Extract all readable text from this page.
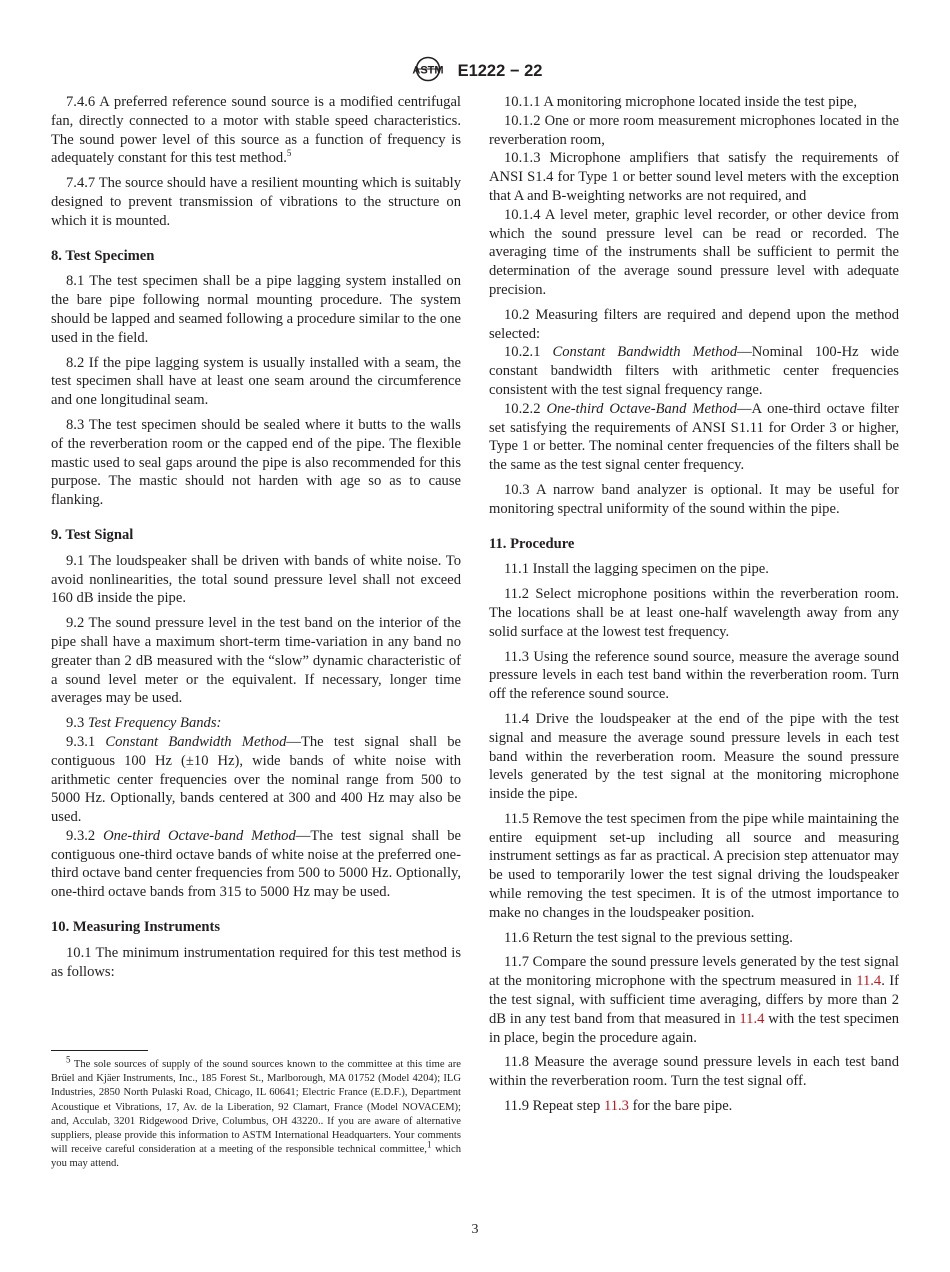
ASTM E1222 − 22

7.4.6 A preferred reference sound source is a modified centrifugal fan, directly connected to a motor with stable speed characteristics. The sound power level of this source as a function of frequency is adequately constant for this test method.$^5$

7.4.7 The source should have a resilient mounting which is suitably designed to prevent transmission of vibrations to the structure on which it is mounted.

8. Test Specimen

8.1 The test specimen shall be a pipe lagging system installed on the bare pipe following normal mounting procedure. The system should be lapped and seamed following a procedure similar to the one used in the field.

8.2 If the pipe lagging system is usually installed with a seam, the test specimen shall have at least one seam around the circumference and one longitudinal seam.

8.3 The test specimen should be sealed where it butts to the walls of the reverberation room or the capped end of the pipe. The flexible mastic used to seal gaps around the pipe is also recommended for this purpose. The mastic should not harden with age so as to cause flanking.

9. Test Signal

9.1 The loudspeaker shall be driven with bands of white noise. To avoid nonlinearities, the total sound pressure level shall not exceed 160 dB inside the pipe.

9.2 The sound pressure level in the test band on the interior of the pipe shall have a maximum short-term time-variation in any band no greater than 2 dB measured with the “slow” dynamic characteristic of a sound level meter or the equivalent. If necessary, longer time averages may be used.

9.3 Test Frequency Bands:

9.3.1 Constant Bandwidth Method—The test signal shall be contiguous 100 Hz (±10 Hz), wide bands of white noise with arithmetic center frequencies over the nominal range from 500 to 5000 Hz. Optionally, bands centered at 300 and 400 Hz may also be used.

9.3.2 One-third Octave-band Method—The test signal shall be contiguous one-third octave bands of white noise at the preferred one-third octave band center frequencies from 500 to 5000 Hz. Optionally, one-third octave bands from 315 to 5000 Hz may be used.

10. Measuring Instruments

10.1 The minimum instrumentation required for this test method is as follows:

10.1.1 A monitoring microphone located inside the test pipe,

10.1.2 One or more room measurement microphones located in the reverberation room,

10.1.3 Microphone amplifiers that satisfy the requirements of ANSI S1.4 for Type 1 or better sound level meters with the exception that A and B-weighting networks are not required, and

10.1.4 A level meter, graphic level recorder, or other device from which the sound pressure level can be read or recorded. The averaging time of the instruments shall be sufficient to permit the determination of the average sound pressure level with adequate precision.

10.2 Measuring filters are required and depend upon the method selected:

10.2.1 Constant Bandwidth Method—Nominal 100-Hz wide constant bandwidth filters with arithmetic center frequencies consistent with the test signal frequency range.

10.2.2 One-third Octave-Band Method—A one-third octave filter set satisfying the requirements of ANSI S1.11 for Order 3 or higher, Type 1 or better. The nominal center frequencies of the filters shall be the same as the test signal center frequency.

10.3 A narrow band analyzer is optional. It may be useful for monitoring spectral uniformity of the sound within the pipe.

11. Procedure

11.1 Install the lagging specimen on the pipe.

11.2 Select microphone positions within the reverberation room. The locations shall be at least one-half wavelength away from any solid surface at the lowest test frequency.

11.3 Using the reference sound source, measure the average sound pressure levels in each test band within the reverberation room. Turn off the reference sound source.

11.4 Drive the loudspeaker at the end of the pipe with the test signal and measure the average sound pressure levels in each test band within the reverberation room. Measure the sound pressure levels generated by the test signal at the monitoring microphone inside the pipe.

11.5 Remove the test specimen from the pipe while maintaining the entire equipment set-up including all source and measuring instrument settings as far as practical. A precision step attenuator may be used to temporarily lower the test signal driving the loudspeaker while removing the test specimen. It is of the utmost importance to make no changes in the loudspeaker position.

11.6 Return the test signal to the previous setting.

11.7 Compare the sound pressure levels generated by the test signal at the monitoring microphone with the spectrum measured in 11.4. If the test signal, with sufficient time averaging, differs by more than 2 dB in any test band from that measured in 11.4 with the test specimen in place, begin the procedure again.

11.8 Measure the average sound pressure levels in each test band within the reverberation room. Turn the test signal off.

11.9 Repeat step 11.3 for the bare pipe.

$^5$ The sole sources of supply of the sound sources known to the committee at this time are Brüel and Kjäer Instruments, Inc., 185 Forest St., Marlborough, MA 01752 (Model 4204); ILG Industries, 2850 North Pulaski Road, Chicago, IL 60641; Electric France (E.D.F.), Department Acoustique et Vibrations, 17, Av. de la Liberation, 92 Clamart, France (Model NOVACEM); and, Acculab, 3201 Ridgewood Drive, Columbus, OH 43220.. If you are aware of alternative suppliers, please provide this information to ASTM International Headquarters. Your comments will receive careful consideration at a meeting of the responsible technical committee,$^1$ which you may attend.

3
